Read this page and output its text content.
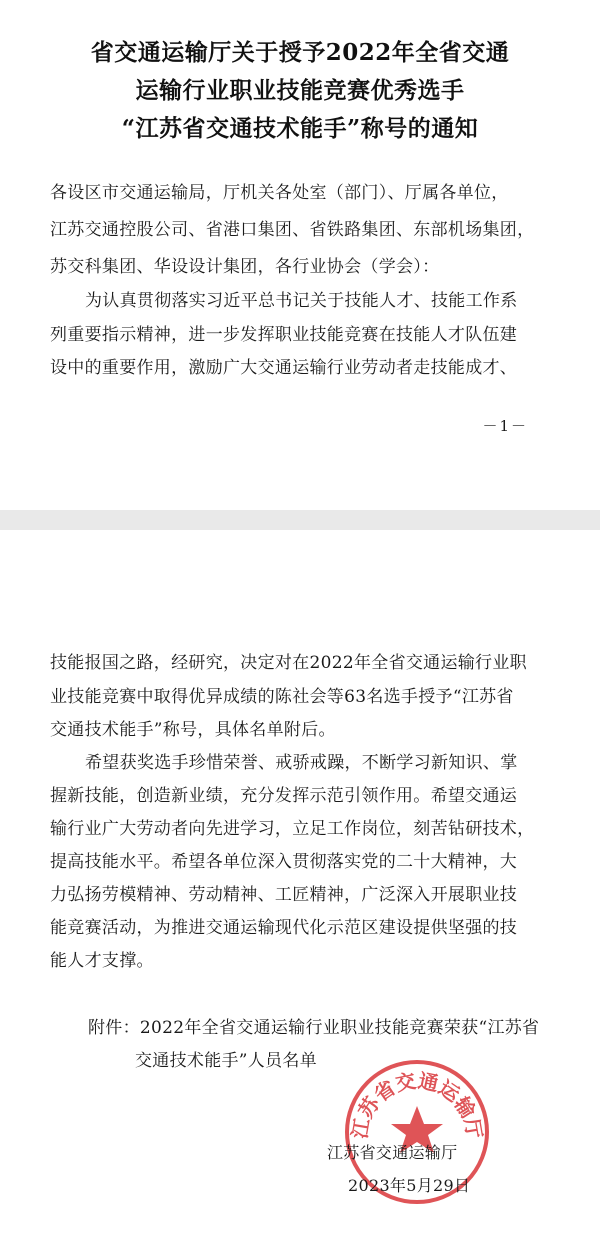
省交通运输厅关于授予2022年全省交通
运输行业职业技能竞赛优秀选手
“江苏省交通技术能手”称号的通知
各设区市交通运输局，厅机关各处室（部门）、厅属各单位，
江苏交通控股公司、省港口集团、省铁路集团、东部机场集团，
苏交科集团、华设设计集团，各行业协会（学会）：
为认真贯彻落实习近平总书记关于技能人才、技能工作系
列重要指示精神，进一步发挥职业技能竞赛在技能人才队伍建
设中的重要作用，激励广大交通运输行业劳动者走技能成才、
－1－
技能报国之路，经研究，决定对在2022年全省交通运输行业职
业技能竞赛中取得优异成绩的陈社会等63名选手授予“江苏省
交通技术能手”称号，具体名单附后。
希望获奖选手珍惜荣誉、戒骄戒躁，不断学习新知识、掌
握新技能，创造新业绩，充分发挥示范引领作用。希望交通运
输行业广大劳动者向先进学习，立足工作岗位，刻苦钻研技术，
提高技能水平。希望各单位深入贯彻落实党的二十大精神，大
力弘扬劳模精神、劳动精神、工匠精神，广泛深入开展职业技
能竞赛活动，为推进交通运输现代化示范区建设提供坚强的技
能人才支撑。
附件：2022年全省交通运输行业职业技能竞赛荣获“江苏省
交通技术能手”人员名单
江苏省交通运输厅
江苏省交通运输厅
2023年5月29日
